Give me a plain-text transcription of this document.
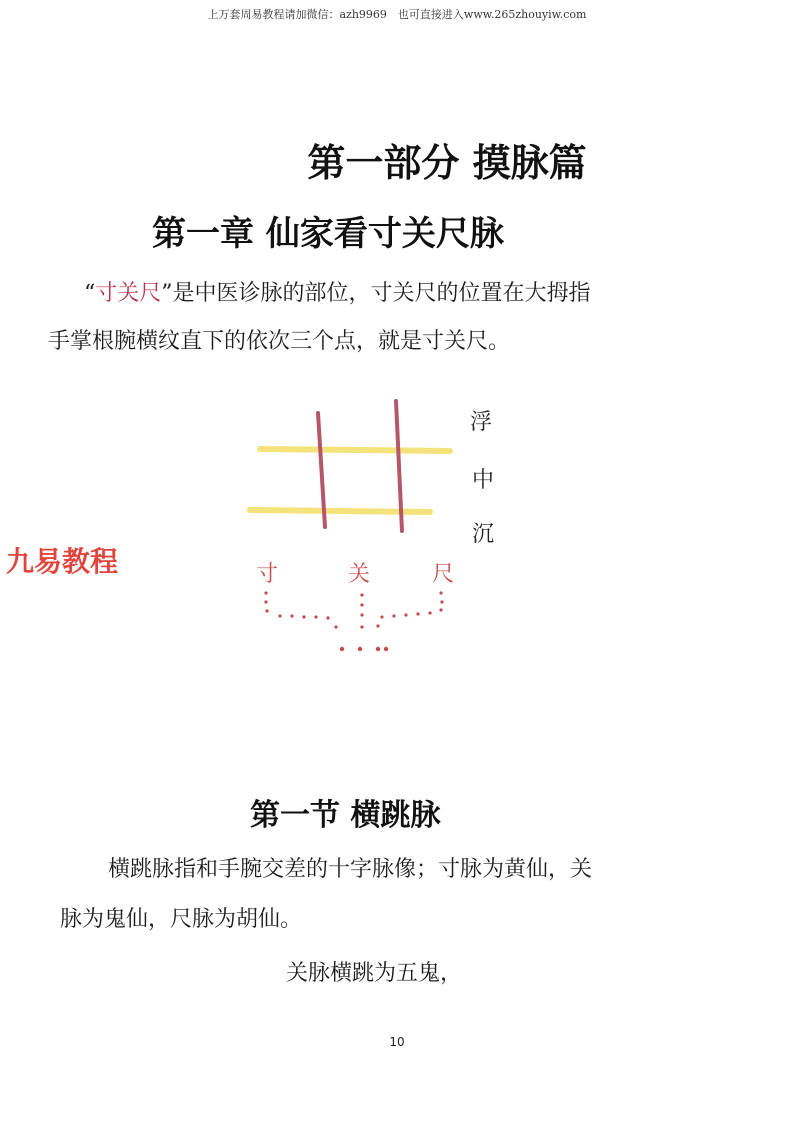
上万套周易教程请加微信：azh9969　也可直接进入www.265zhouyiw.com
第一部分 摸脉篇
第一章 仙家看寸关尺脉
“寸关尺”是中医诊脉的部位，寸关尺的位置在大拇指
手掌根腕横纹直下的依次三个点，就是寸关尺。
九易教程
浮
中
沉
寸	关	尺
第一节 横跳脉
横跳脉指和手腕交差的十字脉像；寸脉为黄仙，关
脉为鬼仙，尺脉为胡仙。
关脉横跳为五鬼，
10
